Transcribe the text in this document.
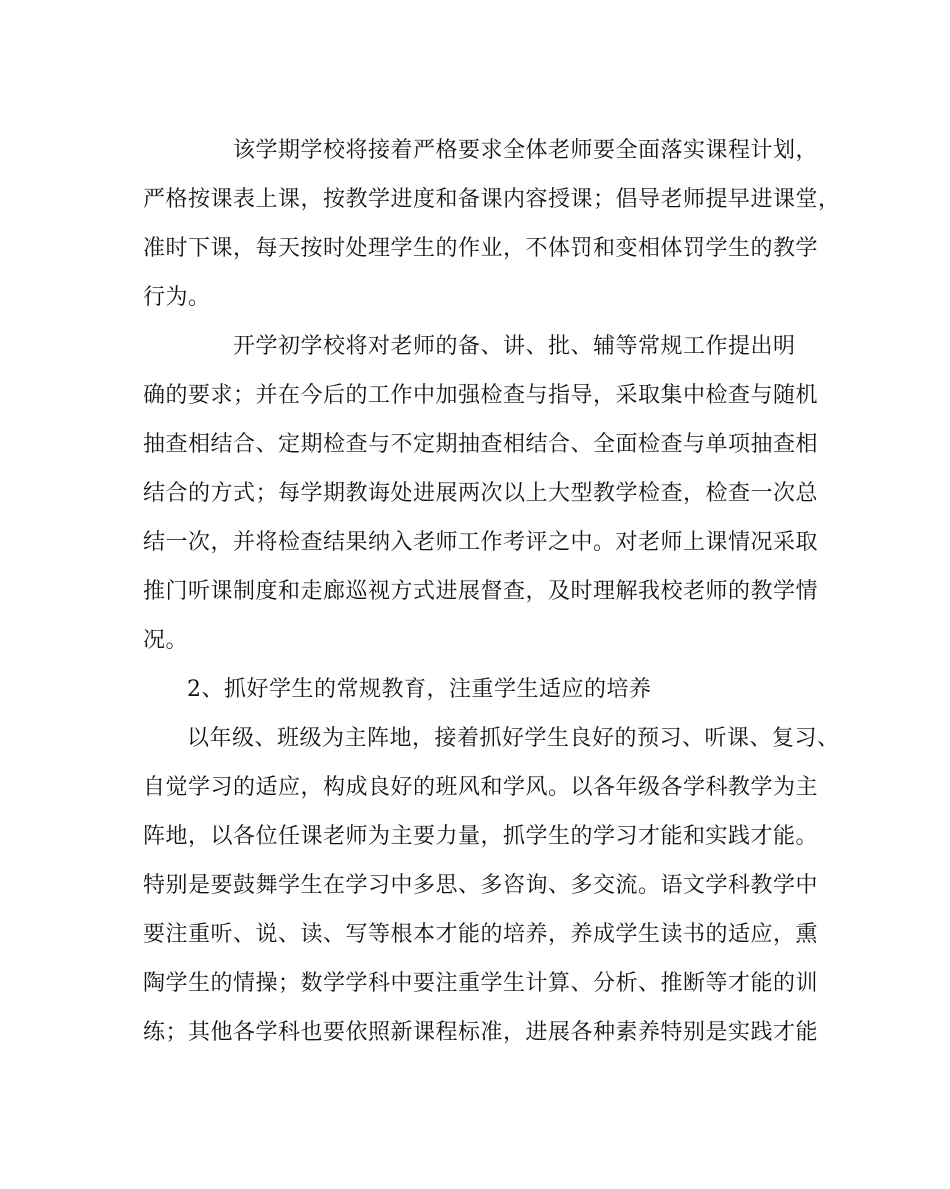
该学期学校将接着严格要求全体老师要全面落实课程计划，
严格按课表上课，按教学进度和备课内容授课；倡导老师提早进课堂，
准时下课，每天按时处理学生的作业，不体罚和变相体罚学生的教学
行为。
开学初学校将对老师的备、讲、批、辅等常规工作提出明
确的要求；并在今后的工作中加强检查与指导，采取集中检查与随机
抽查相结合、定期检查与不定期抽查相结合、全面检查与单项抽查相
结合的方式；每学期教诲处进展两次以上大型教学检查，检查一次总
结一次，并将检查结果纳入老师工作考评之中。对老师上课情况采取
推门听课制度和走廊巡视方式进展督查，及时理解我校老师的教学情
况。
2、抓好学生的常规教育，注重学生适应的培养
以年级、班级为主阵地，接着抓好学生良好的预习、听课、复习、
自觉学习的适应，构成良好的班风和学风。以各年级各学科教学为主
阵地，以各位任课老师为主要力量，抓学生的学习才能和实践才能。
特别是要鼓舞学生在学习中多思、多咨询、多交流。语文学科教学中
要注重听、说、读、写等根本才能的培养，养成学生读书的适应，熏
陶学生的情操；数学学科中要注重学生计算、分析、推断等才能的训
练；其他各学科也要依照新课程标准，进展各种素养特别是实践才能
